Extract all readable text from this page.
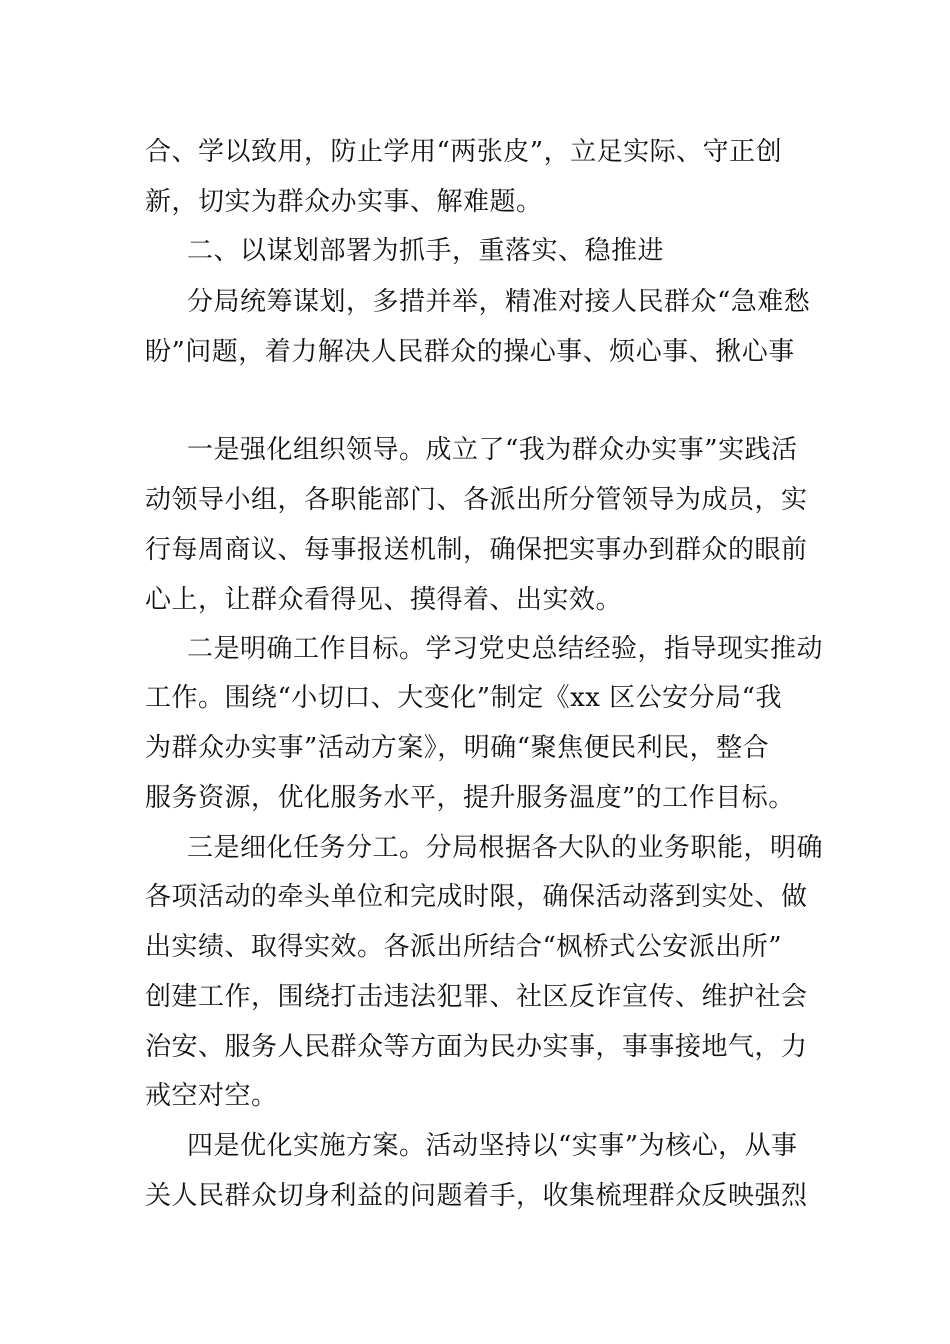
合、学以致用，防止学用“两张皮”，立足实际、守正创

新，切实为群众办实事、解难题。

二、以谋划部署为抓手，重落实、稳推进

分局统筹谋划，多措并举，精准对接人民群众“急难愁

盼”问题，着力解决人民群众的操心事、烦心事、揪心事

一是强化组织领导。成立了“我为群众办实事”实践活

动领导小组，各职能部门、各派出所分管领导为成员，实

行每周商议、每事报送机制，确保把实事办到群众的眼前

心上，让群众看得见、摸得着、出实效。

二是明确工作目标。学习党史总结经验，指导现实推动

工作。围绕“小切口、大变化”制定《xx 区公安分局“我

为群众办实事”活动方案》，明确“聚焦便民利民，整合

服务资源，优化服务水平，提升服务温度”的工作目标。

三是细化任务分工。分局根据各大队的业务职能，明确

各项活动的牵头单位和完成时限，确保活动落到实处、做

出实绩、取得实效。各派出所结合“枫桥式公安派出所”

创建工作，围绕打击违法犯罪、社区反诈宣传、维护社会

治安、服务人民群众等方面为民办实事，事事接地气，力

戒空对空。

四是优化实施方案。活动坚持以“实事”为核心，从事

关人民群众切身利益的问题着手，收集梳理群众反映强烈
